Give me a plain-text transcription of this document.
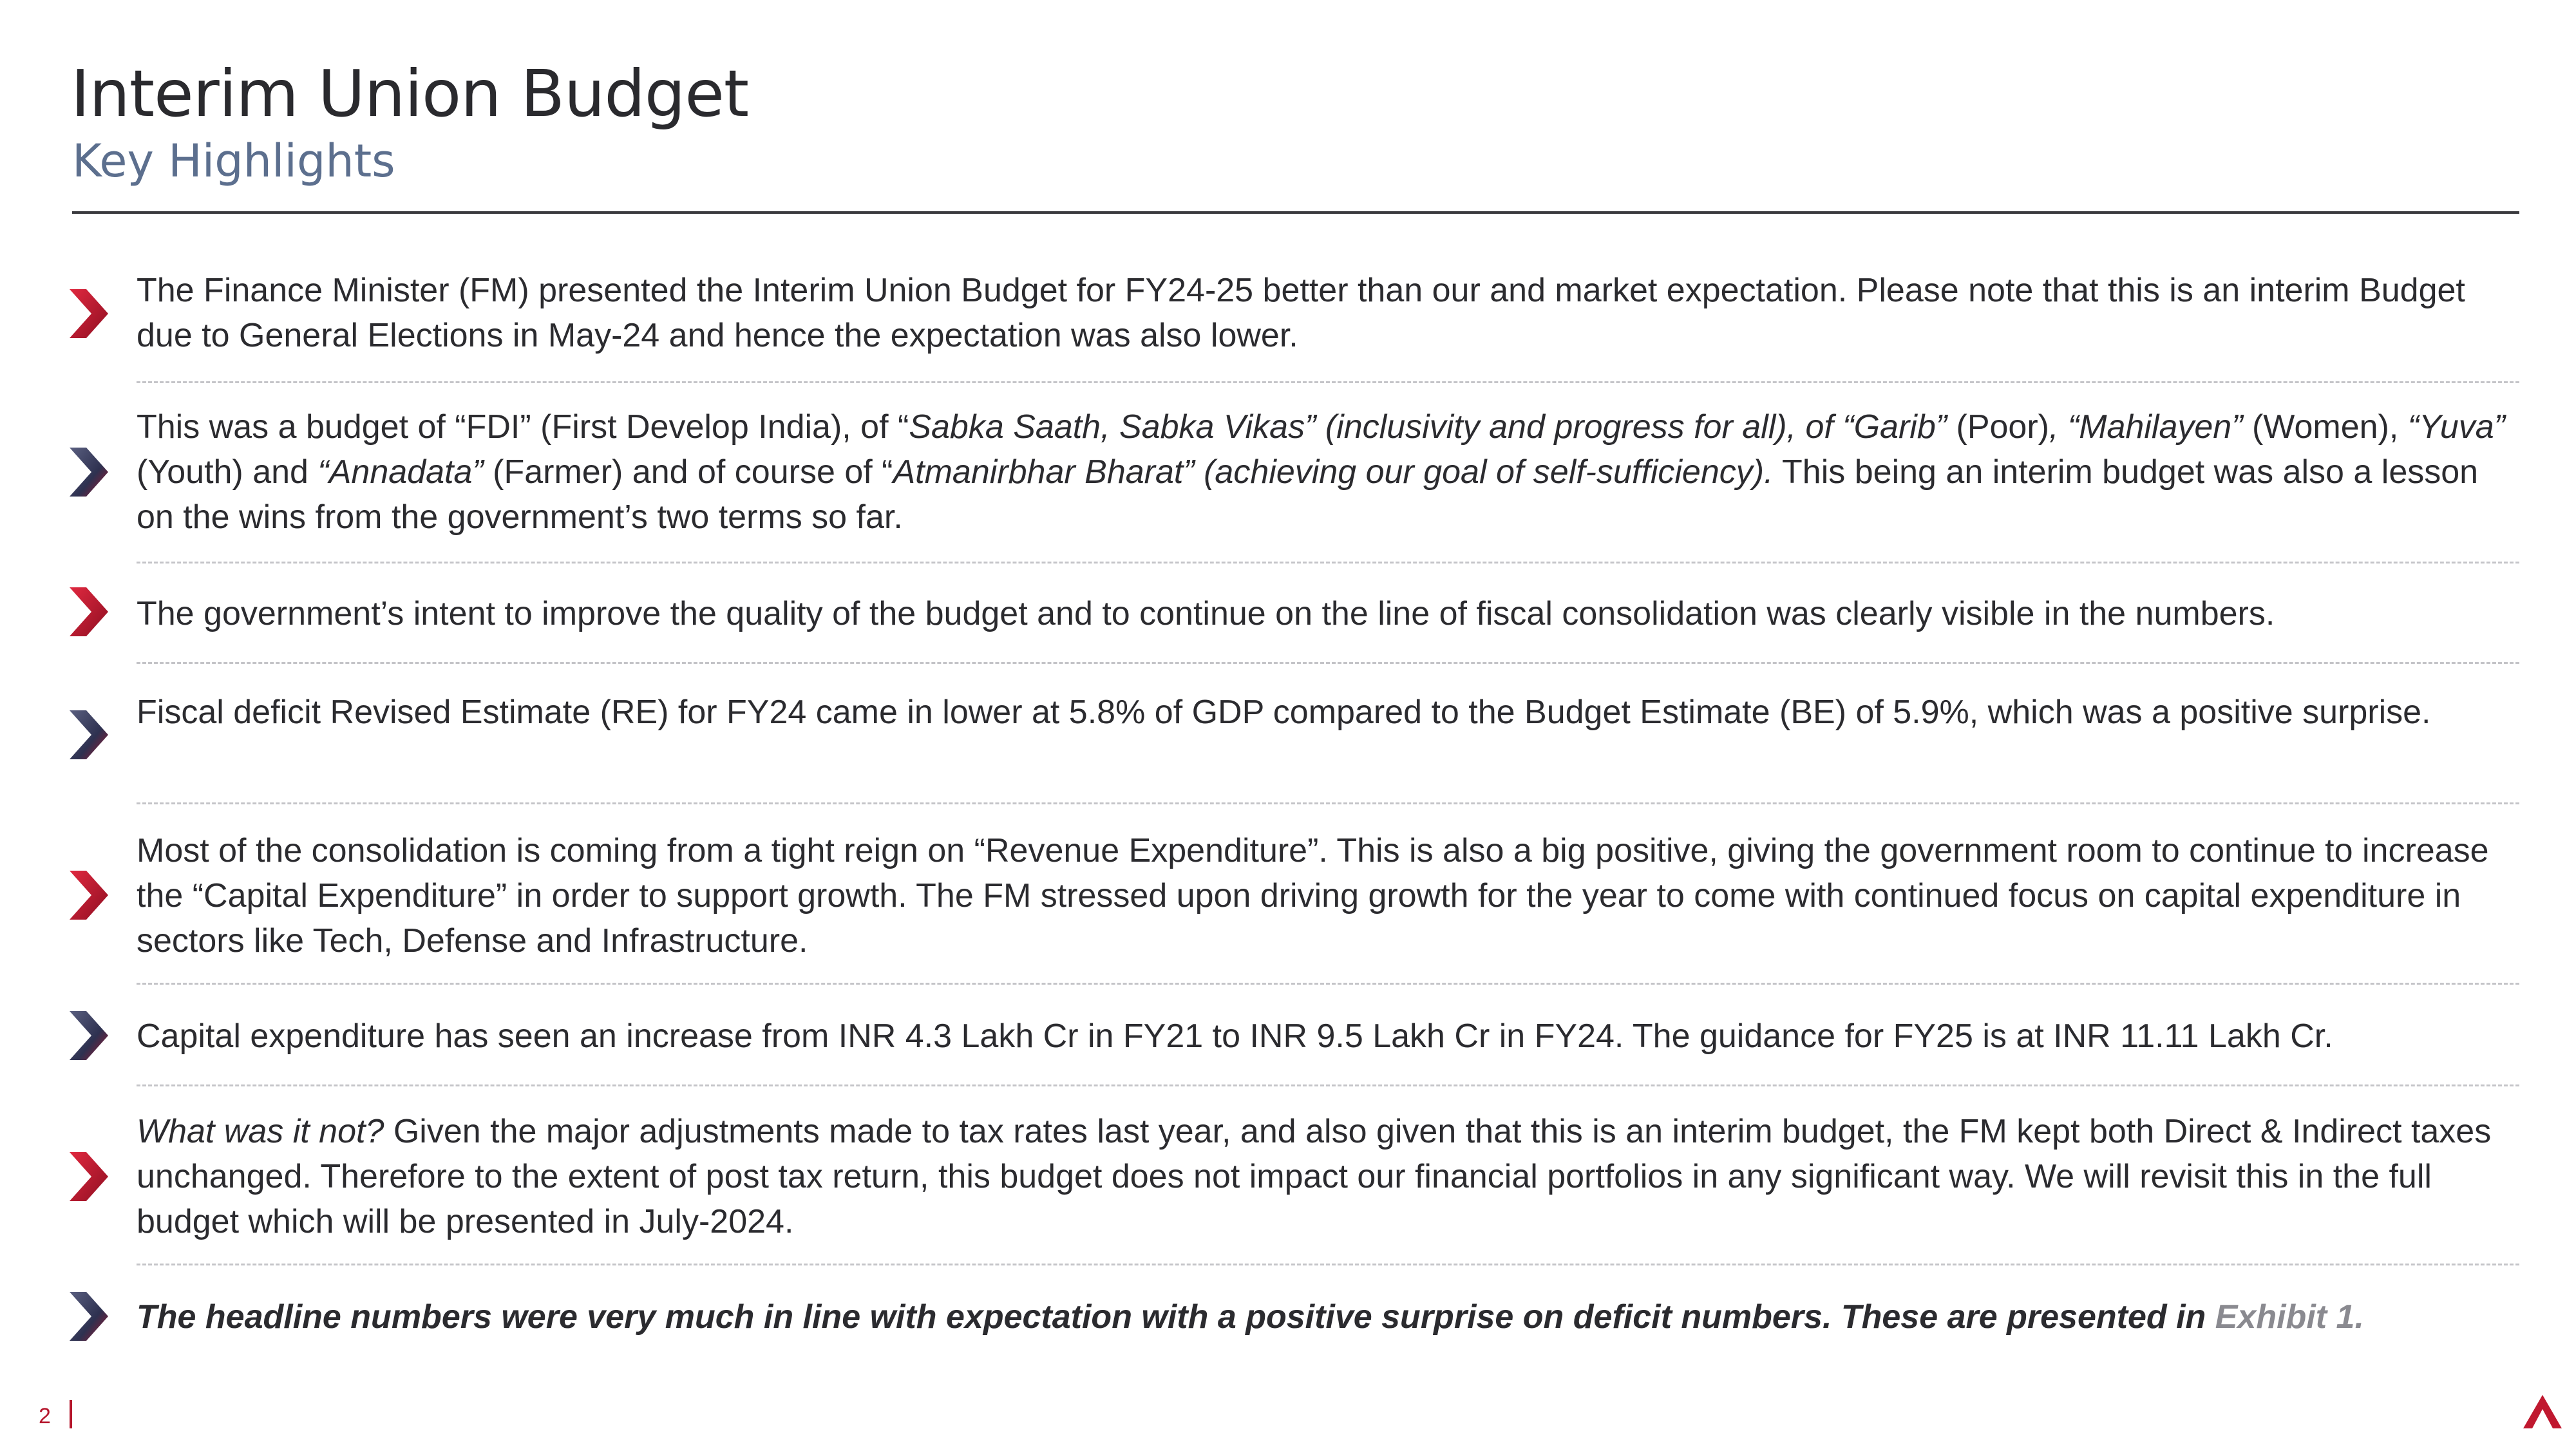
Interim Union Budget
Key Highlights

The Finance Minister (FM) presented the Interim Union Budget for FY24-25 better than our and market expectation. Please note that this is an interim Budget due to General Elections in May-24 and hence the expectation was also lower.

This was a budget of “FDI” (First Develop India), of “Sabka Saath, Sabka Vikas” (inclusivity and progress for all), of “Garib” (Poor), “Mahilayen” (Women), “Yuva” (Youth) and “Annadata” (Farmer) and of course of “Atmanirbhar Bharat” (achieving our goal of self-sufficiency). This being an interim budget was also a lesson on the wins from the government’s two terms so far.

The government’s intent to improve the quality of the budget and to continue on the line of fiscal consolidation was clearly visible in the numbers.

Fiscal deficit Revised Estimate (RE) for FY24 came in lower at 5.8% of GDP compared to the Budget Estimate (BE) of 5.9%, which was a positive surprise.

Most of the consolidation is coming from a tight reign on “Revenue Expenditure”. This is also a big positive, giving the government room to continue to increase the “Capital Expenditure” in order to support growth. The FM stressed upon driving growth for the year to come with continued focus on capital expenditure in sectors like Tech, Defense and Infrastructure.

Capital expenditure has seen an increase from INR 4.3 Lakh Cr in FY21 to INR 9.5 Lakh Cr in FY24. The guidance for FY25 is at INR 11.11 Lakh Cr.

What was it not? Given the major adjustments made to tax rates last year, and also given that this is an interim budget, the FM kept both Direct & Indirect taxes unchanged. Therefore to the extent of post tax return, this budget does not impact our financial portfolios in any significant way. We will revisit this in the full budget which will be presented in July-2024.

The headline numbers were very much in line with expectation with a positive surprise on deficit numbers. These are presented in Exhibit 1.

2
